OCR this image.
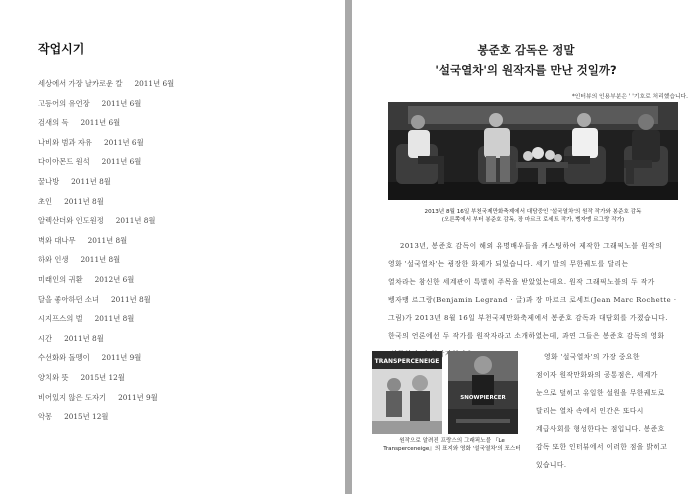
작업시기
세상에서 가장 날카로운 칼 2011년 6월
고등어의 유언장 2011년 6월
검새의 독 2011년 6월
나비와 범과 자유 2011년 6월
다이아몬드 원석 2011년 6월
꿀나방 2011년 8월
초인 2011년 8월
알렉산더와 인도원정 2011년 8월
벽와 대나무 2011년 8월
하와 인생 2011년 8월
미래인의 귀환 2012년 6월
달을 좋아하던 소녀 2011년 8월
시지프스의 벌 2011년 8월
시간 2011년 8월
수선화와 돌멩이 2011년 9월
양치와 뜻 2015년 12월
비어있지 않은 도자기 2011년 9월
악몽 2015년 12월
봉준호 감독은 정말
'설국열차'의 원작자를 만난 것일까?
*인터뷰의 인용부분은 ' '기호로 처리했습니다.
2013년 8월 16일 부천국제만화축제에서 대담중인 '설국열차'의 원작 작가와 봉준호 감독
(오른쪽에서 부터 봉준호 감독, 장 마르크 로세트 작가, 벵자맹 르그랑 작가)
2013년, 봉준호 감독이 해외 유명배우들을 캐스팅하여 제작한 그래픽노블 원작의
영화 '설국열차'는 굉장한 화제가 되었습니다. 세기 말의 무한궤도를 달리는
열차라는 참신한 세계관이 특별히 주목을 받았었는데요. 원작 그래픽노블의 두 작가
벵자맹 르그랑(Benjamin Legrand · 글)과 장 마르크 로세트(Jean Marc Rochette ·
그림)가 2013년 8월 16일 부천국제만화축제에서 봉준호 감독과 대담회를 가졌습니다.
한국의 언론에선 두 작가를 원작자라고 소개하였는데, 과연 그들은 봉준호 감독의 영화
TRANSPERCENEIGE
SNOWPIERCER
원작으로 알려진 프랑스의 그래픽노블 『Le
Transperceneige』의 표지와 영화 '설국열차'의 포스터
영화 '설국열차'의 가장 중요한
점이자 원작만화와의 공통점은, 세계가
눈으로 덮히고 유일한 설원을 무한궤도로
달리는 열차 속에서 인간은 또다시
계급사회를 형성한다는 점입니다. 봉준호
감독 또한 인터뷰에서 이러한 점을 밝히고
있습니다.
